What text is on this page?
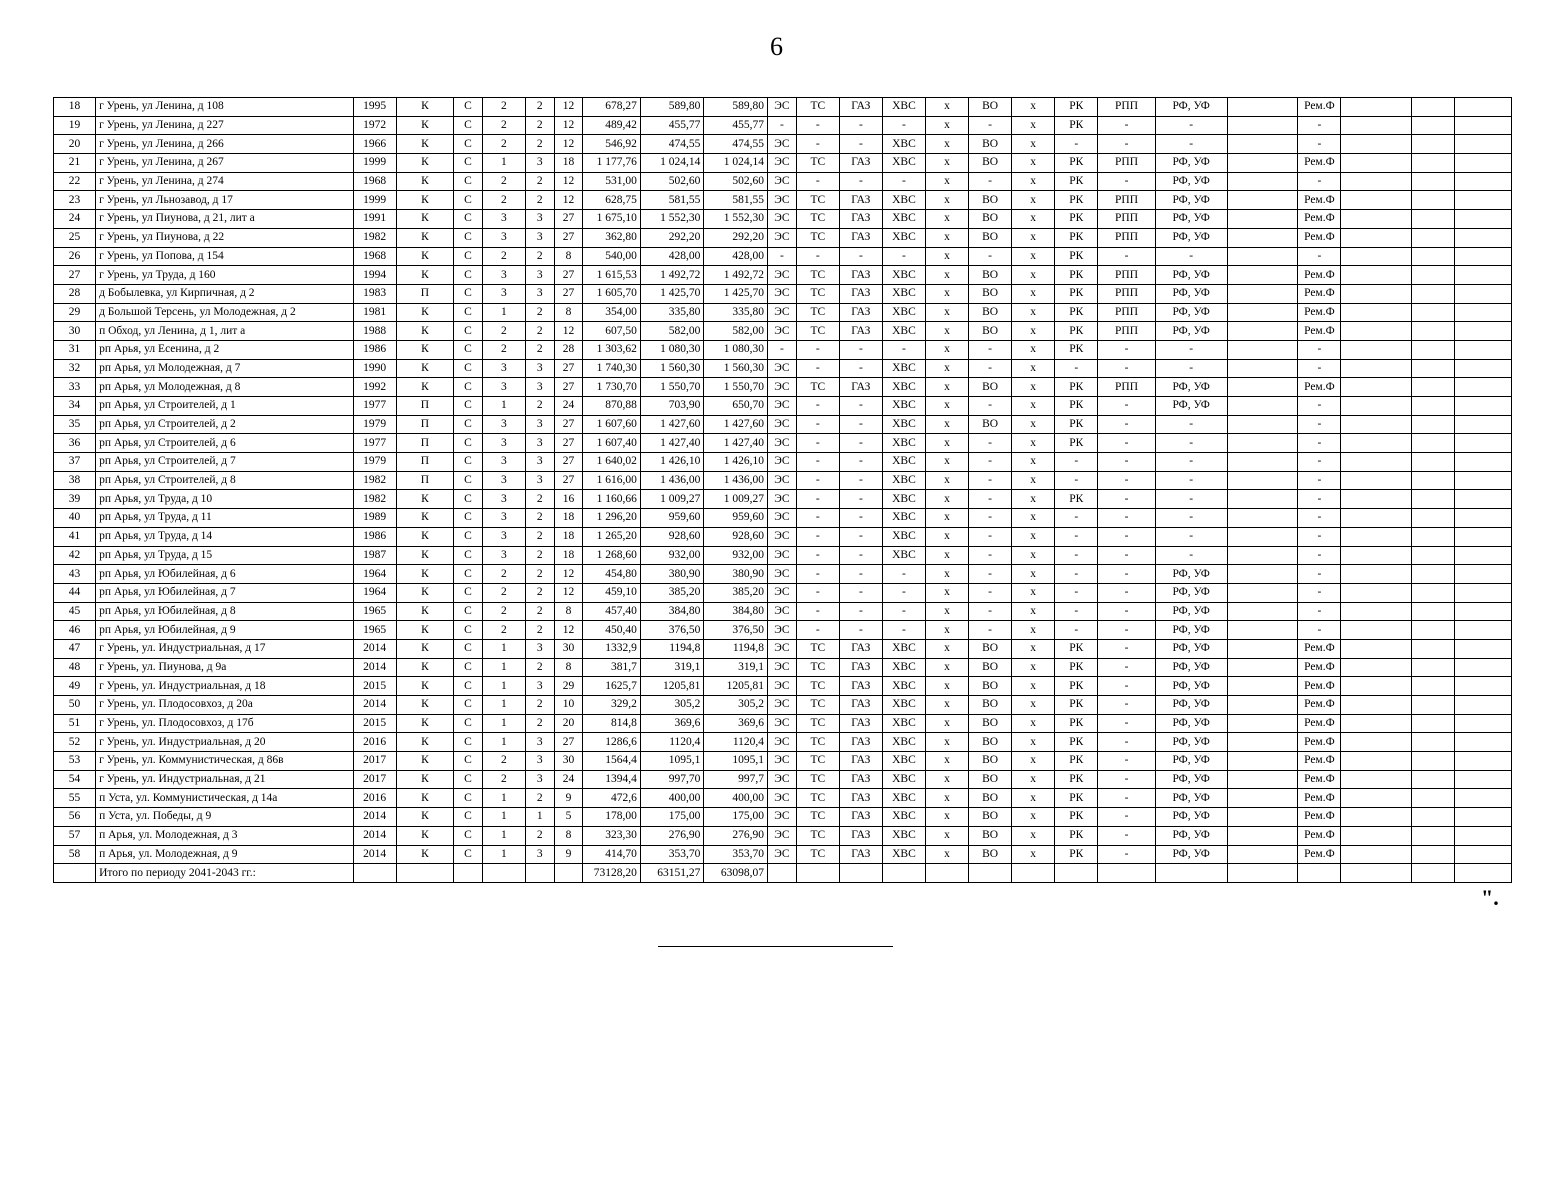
6
18	г Урень, ул Ленина, д 108	1995	К	С	2	2	12	678,27	589,80	589,80	ЭС	ТС	ГАЗ	ХВС	х	ВО	х	РК	РПП	РФ, УФ		Рем.Ф			
19	г Урень, ул Ленина, д 227	1972	К	С	2	2	12	489,42	455,77	455,77	-	-	-	-	х	-	х	РК	-	-		-			
20	г Урень, ул Ленина, д 266	1966	К	С	2	2	12	546,92	474,55	474,55	ЭС	-	-	ХВС	х	ВО	х	-	-	-		-			
21	г Урень, ул Ленина, д 267	1999	К	С	1	3	18	1 177,76	1 024,14	1 024,14	ЭС	ТС	ГАЗ	ХВС	х	ВО	х	РК	РПП	РФ, УФ		Рем.Ф			
22	г Урень, ул Ленина, д 274	1968	К	С	2	2	12	531,00	502,60	502,60	ЭС	-	-	-	х	-	х	РК	-	РФ, УФ		-			
23	г Урень, ул Льнозавод, д 17	1999	К	С	2	2	12	628,75	581,55	581,55	ЭС	ТС	ГАЗ	ХВС	х	ВО	х	РК	РПП	РФ, УФ		Рем.Ф			
24	г Урень, ул Пиунова, д 21, лит а	1991	К	С	3	3	27	1 675,10	1 552,30	1 552,30	ЭС	ТС	ГАЗ	ХВС	х	ВО	х	РК	РПП	РФ, УФ		Рем.Ф			
25	г Урень, ул Пиунова, д 22	1982	К	С	3	3	27	362,80	292,20	292,20	ЭС	ТС	ГАЗ	ХВС	х	ВО	х	РК	РПП	РФ, УФ		Рем.Ф			
26	г Урень, ул Попова, д 154	1968	К	С	2	2	8	540,00	428,00	428,00	-	-	-	-	х	-	х	РК	-	-		-			
27	г Урень, ул Труда, д 160	1994	К	С	3	3	27	1 615,53	1 492,72	1 492,72	ЭС	ТС	ГАЗ	ХВС	х	ВО	х	РК	РПП	РФ, УФ		Рем.Ф			
28	д Бобылевка, ул Кирпичная, д 2	1983	П	С	3	3	27	1 605,70	1 425,70	1 425,70	ЭС	ТС	ГАЗ	ХВС	х	ВО	х	РК	РПП	РФ, УФ		Рем.Ф			
29	д Большой Терсень, ул Молодежная, д 2	1981	К	С	1	2	8	354,00	335,80	335,80	ЭС	ТС	ГАЗ	ХВС	х	ВО	х	РК	РПП	РФ, УФ		Рем.Ф			
30	п Обход, ул Ленина, д 1, лит а	1988	К	С	2	2	12	607,50	582,00	582,00	ЭС	ТС	ГАЗ	ХВС	х	ВО	х	РК	РПП	РФ, УФ		Рем.Ф			
31	рп Арья, ул Есенина, д 2	1986	К	С	2	2	28	1 303,62	1 080,30	1 080,30	-	-	-	-	х	-	х	РК	-	-		-			
32	рп Арья, ул Молодежная, д 7	1990	К	С	3	3	27	1 740,30	1 560,30	1 560,30	ЭС	-	-	ХВС	х	-	х	-	-	-		-			
33	рп Арья, ул Молодежная, д 8	1992	К	С	3	3	27	1 730,70	1 550,70	1 550,70	ЭС	ТС	ГАЗ	ХВС	х	ВО	х	РК	РПП	РФ, УФ		Рем.Ф			
34	рп Арья, ул Строителей, д 1	1977	П	С	1	2	24	870,88	703,90	650,70	ЭС	-	-	ХВС	х	-	х	РК	-	РФ, УФ		-			
35	рп Арья, ул Строителей, д 2	1979	П	С	3	3	27	1 607,60	1 427,60	1 427,60	ЭС	-	-	ХВС	х	ВО	х	РК	-	-		-			
36	рп Арья, ул Строителей, д 6	1977	П	С	3	3	27	1 607,40	1 427,40	1 427,40	ЭС	-	-	ХВС	х	-	х	РК	-	-		-			
37	рп Арья, ул Строителей, д 7	1979	П	С	3	3	27	1 640,02	1 426,10	1 426,10	ЭС	-	-	ХВС	х	-	х	-	-	-		-			
38	рп Арья, ул Строителей, д 8	1982	П	С	3	3	27	1 616,00	1 436,00	1 436,00	ЭС	-	-	ХВС	х	-	х	-	-	-		-			
39	рп Арья, ул Труда, д 10	1982	К	С	3	2	16	1 160,66	1 009,27	1 009,27	ЭС	-	-	ХВС	х	-	х	РК	-	-		-			
40	рп Арья, ул Труда, д 11	1989	К	С	3	2	18	1 296,20	959,60	959,60	ЭС	-	-	ХВС	х	-	х	-	-	-		-			
41	рп Арья, ул Труда, д 14	1986	К	С	3	2	18	1 265,20	928,60	928,60	ЭС	-	-	ХВС	х	-	х	-	-	-		-			
42	рп Арья, ул Труда, д 15	1987	К	С	3	2	18	1 268,60	932,00	932,00	ЭС	-	-	ХВС	х	-	х	-	-	-		-			
43	рп Арья, ул Юбилейная, д 6	1964	К	С	2	2	12	454,80	380,90	380,90	ЭС	-	-	-	х	-	х	-	-	РФ, УФ		-			
44	рп Арья, ул Юбилейная, д 7	1964	К	С	2	2	12	459,10	385,20	385,20	ЭС	-	-	-	х	-	х	-	-	РФ, УФ		-			
45	рп Арья, ул Юбилейная, д 8	1965	К	С	2	2	8	457,40	384,80	384,80	ЭС	-	-	-	х	-	х	-	-	РФ, УФ		-			
46	рп Арья, ул Юбилейная, д 9	1965	К	С	2	2	12	450,40	376,50	376,50	ЭС	-	-	-	х	-	х	-	-	РФ, УФ		-			
47	г Урень, ул. Индустриальная, д 17	2014	К	С	1	3	30	1332,9	1194,8	1194,8	ЭС	ТС	ГАЗ	ХВС	х	ВО	х	РК	-	РФ, УФ		Рем.Ф			
48	г Урень, ул. Пиунова, д 9а	2014	К	С	1	2	8	381,7	319,1	319,1	ЭС	ТС	ГАЗ	ХВС	х	ВО	х	РК	-	РФ, УФ		Рем.Ф			
49	г Урень, ул. Индустриальная, д 18	2015	К	С	1	3	29	1625,7	1205,81	1205,81	ЭС	ТС	ГАЗ	ХВС	х	ВО	х	РК	-	РФ, УФ		Рем.Ф			
50	г Урень, ул. Плодосовхоз, д 20а	2014	К	С	1	2	10	329,2	305,2	305,2	ЭС	ТС	ГАЗ	ХВС	х	ВО	х	РК	-	РФ, УФ		Рем.Ф			
51	г Урень, ул. Плодосовхоз, д 17б	2015	К	С	1	2	20	814,8	369,6	369,6	ЭС	ТС	ГАЗ	ХВС	х	ВО	х	РК	-	РФ, УФ		Рем.Ф			
52	г Урень, ул. Индустриальная, д 20	2016	К	С	1	3	27	1286,6	1120,4	1120,4	ЭС	ТС	ГАЗ	ХВС	х	ВО	х	РК	-	РФ, УФ		Рем.Ф			
53	г Урень, ул. Коммунистическая, д 86в	2017	К	С	2	3	30	1564,4	1095,1	1095,1	ЭС	ТС	ГАЗ	ХВС	х	ВО	х	РК	-	РФ, УФ		Рем.Ф			
54	г Урень, ул. Индустриальная, д 21	2017	К	С	2	3	24	1394,4	997,70	997,7	ЭС	ТС	ГАЗ	ХВС	х	ВО	х	РК	-	РФ, УФ		Рем.Ф			
55	п Уста, ул. Коммунистическая, д 14а	2016	К	С	1	2	9	472,6	400,00	400,00	ЭС	ТС	ГАЗ	ХВС	х	ВО	х	РК	-	РФ, УФ		Рем.Ф			
56	п Уста, ул. Победы, д 9	2014	К	С	1	1	5	178,00	175,00	175,00	ЭС	ТС	ГАЗ	ХВС	х	ВО	х	РК	-	РФ, УФ		Рем.Ф			
57	п Арья, ул. Молодежная, д 3	2014	К	С	1	2	8	323,30	276,90	276,90	ЭС	ТС	ГАЗ	ХВС	х	ВО	х	РК	-	РФ, УФ		Рем.Ф			
58	п Арья, ул. Молодежная, д 9	2014	К	С	1	3	9	414,70	353,70	353,70	ЭС	ТС	ГАЗ	ХВС	х	ВО	х	РК	-	РФ, УФ		Рем.Ф			
	Итого по периоду 2041-2043 гг.:							73128,20	63151,27	63098,07															
".
